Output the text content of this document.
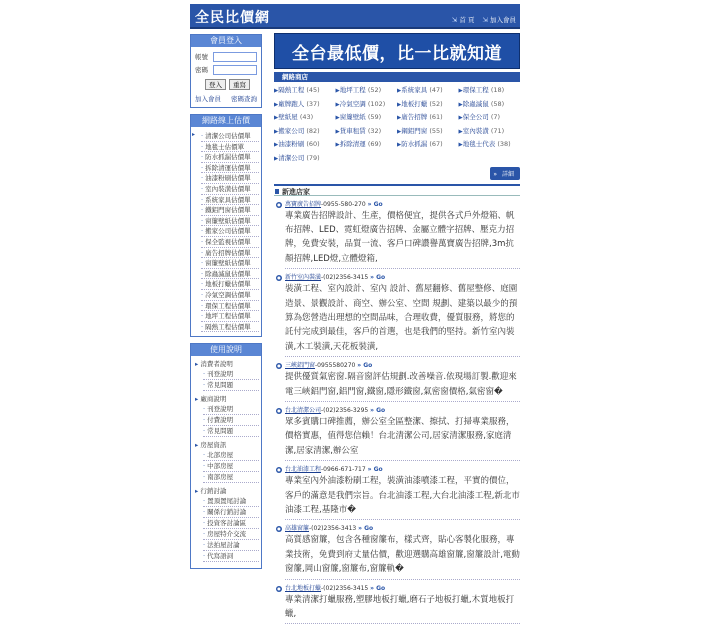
全民比價網	⇲ 首 頁 ⇲ 加入會員
會員登入
帳號
密碼
登入	重寫
加入會員 密碼查詢
網路線上估價
▸	· 清潔公司估價單
· 地毯士估價單
· 防水抓漏估價單
· 拆除清運估價單
· 油漆粉刷估價單
· 室內裝潢估價單
· 系統家具估價單
· 鐵鋁門窗估價單
· 窗簾壁紙估價單
· 搬家公司估價單
· 保全監視估價單
· 廣告招牌估價單
· 窗簾壁紙估價單
· 除蟲滅鼠估價單
· 地板打蠟估價單
· 冷氣空調估價單
· 環保工程估價單
· 地坪工程估價單
· 隔熱工程估價單
使用說明
▸ 消費者說明
· 刊登說明
· 常見問題
▸ 廠商說明
· 刊登說明
· 付費說明
· 常見問題
▸ 房屋資訊
· 北部房屋
· 中部房屋
· 南部房屋
▸ 行銷討論
· 置頂置尾討論
· 關係行銷討論
· 投資客討論區
· 房屋特介交流
· 法拍屋討論
· 代寫語詞
全台最低價，比一比就知道
網路商店
▶隔熱工程 (45)	▶地坪工程 (52)	▶系統家具 (47)	▶環保工程 (18)
▶廠牌跑人 (37)	▶冷氣空調 (102)	▶地板打蠟 (52)	▶除蟲滅鼠 (58)
▶壁紙屋 (43)	▶窗簾壁紙 (59)	▶廣告招牌 (61)	▶保全公司 (7)
▶搬家公司 (82)	▶貨車租賃 (32)	▶鋼鋁門窗 (55)	▶室內裝潢 (71)
▶油漆粉刷 (60)	▶拆除清運 (69)	▶防水抓漏 (67)	▶地毯士代表 (38)
▶清潔公司 (79)
» 詳細
新進店家
● 萬寶廣告招牌-0955-580-270 » Go
專業廣告招牌設計、生產，價格便宜，提供各式戶外燈箱、帆布招牌、LED、霓虹燈廣告招牌、金屬立體字招牌、壓克力招牌，免費安裝，品質一流、客戶口碑讚譽萬寶廣告招牌,3m抗顏招牌,LED燈,立體燈箱,
● 新竹室內裝潢-(02)2356-3415 » Go
裝潢工程、室內設計、室內 設計、舊屋翻修、舊屋整修、庭園造景、景觀設計、商空、辦公室、空間 規劃、建築以最少的預算為您營造出理想的空間品味，合理收費，優質服務，將您的託付完成到最佳，客戶的首選，也是我們的堅持。新竹室內裝潢,木工裝潢,天花板裝潢,
● 三峽鋁門窗-0955580270 » Go
提供優質氣密窗.隔音窗評估規劃.改善噪音.依現場訂製.歡迎來電三峽鋁門窗,鋁門窗,鐵窗,隱形鐵窗,氣密窗價格,氣密窗�
● 台北清潔公司-(02)2356-3295 » Go
眾多賓購口碑推薦，辦公室全區整潔、擦拭、打掃專業服務，價格實惠，值得您信賴！台北清潔公司,居家清潔服務,家庭清潔,居家清潔,辦公室
● 台北油漆工程-0966-671-717 » Go
專業室內外油漆粉刷工程，裝潢油漆噴漆工程，平實的價位，客戶的滿意是我們宗旨。台北油漆工程,大台北油漆工程,新北市油漆工程,基隆市�
● 高雄窗簾-(02)2356-3413 » Go
高質感窗簾，包含各種窗簾布，樣式齊，貼心客製化服務，專業技術，免費到府丈量估價，歡迎選購高雄窗簾,窗簾設計,電動窗簾,岡山窗簾,窗簾布,窗簾軌�
● 台北地板打蠟-(02)2356-3415 » Go
專業清潔打蠟服務,塑膠地板打蠟,磨石子地板打蠟,木質地板打蠟,
